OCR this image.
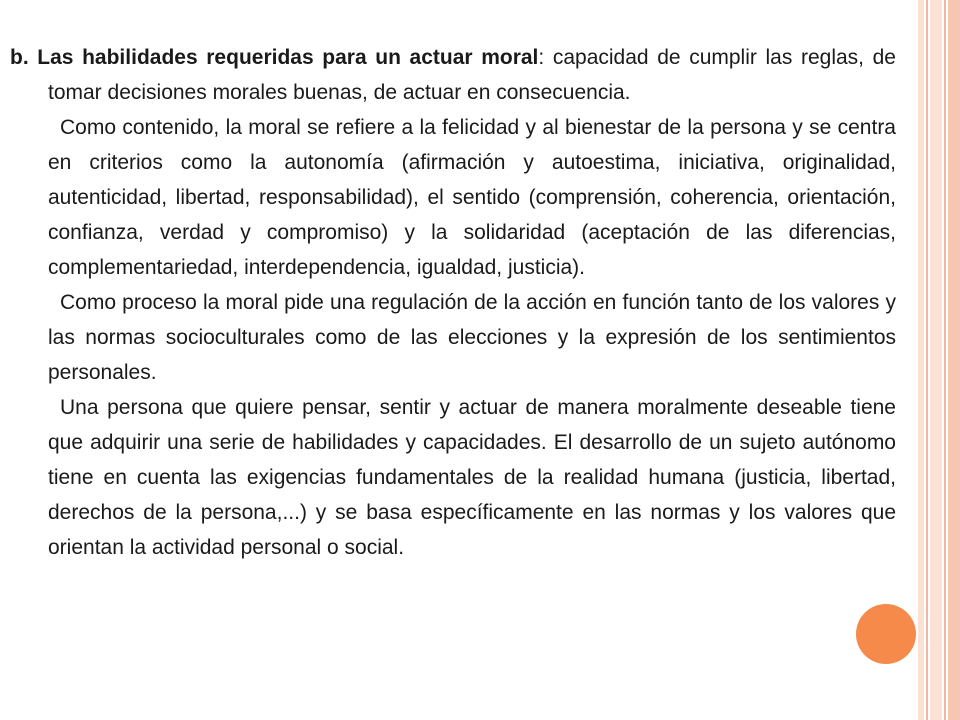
b. Las habilidades requeridas para un actuar moral: capacidad de cumplir las reglas, de tomar decisiones morales buenas, de actuar en consecuencia.

Como contenido, la moral se refiere a la felicidad y al bienestar de la persona y se centra en criterios como la autonomía (afirmación y autoestima, iniciativa, originalidad, autenticidad, libertad, responsabilidad), el sentido (comprensión, coherencia, orientación, confianza, verdad y compromiso) y la solidaridad (aceptación de las diferencias, complementariedad, interdependencia, igualdad, justicia).

Como proceso la moral pide una regulación de la acción en función tanto de los valores y las normas socioculturales como de las elecciones y la expresión de los sentimientos personales.

Una persona que quiere pensar, sentir y actuar de manera moralmente deseable tiene que adquirir una serie de habilidades y capacidades. El desarrollo de un sujeto autónomo tiene en cuenta las exigencias fundamentales de la realidad humana (justicia, libertad, derechos de la persona,...) y se basa específicamente en las normas y los valores que orientan la actividad personal o social.
